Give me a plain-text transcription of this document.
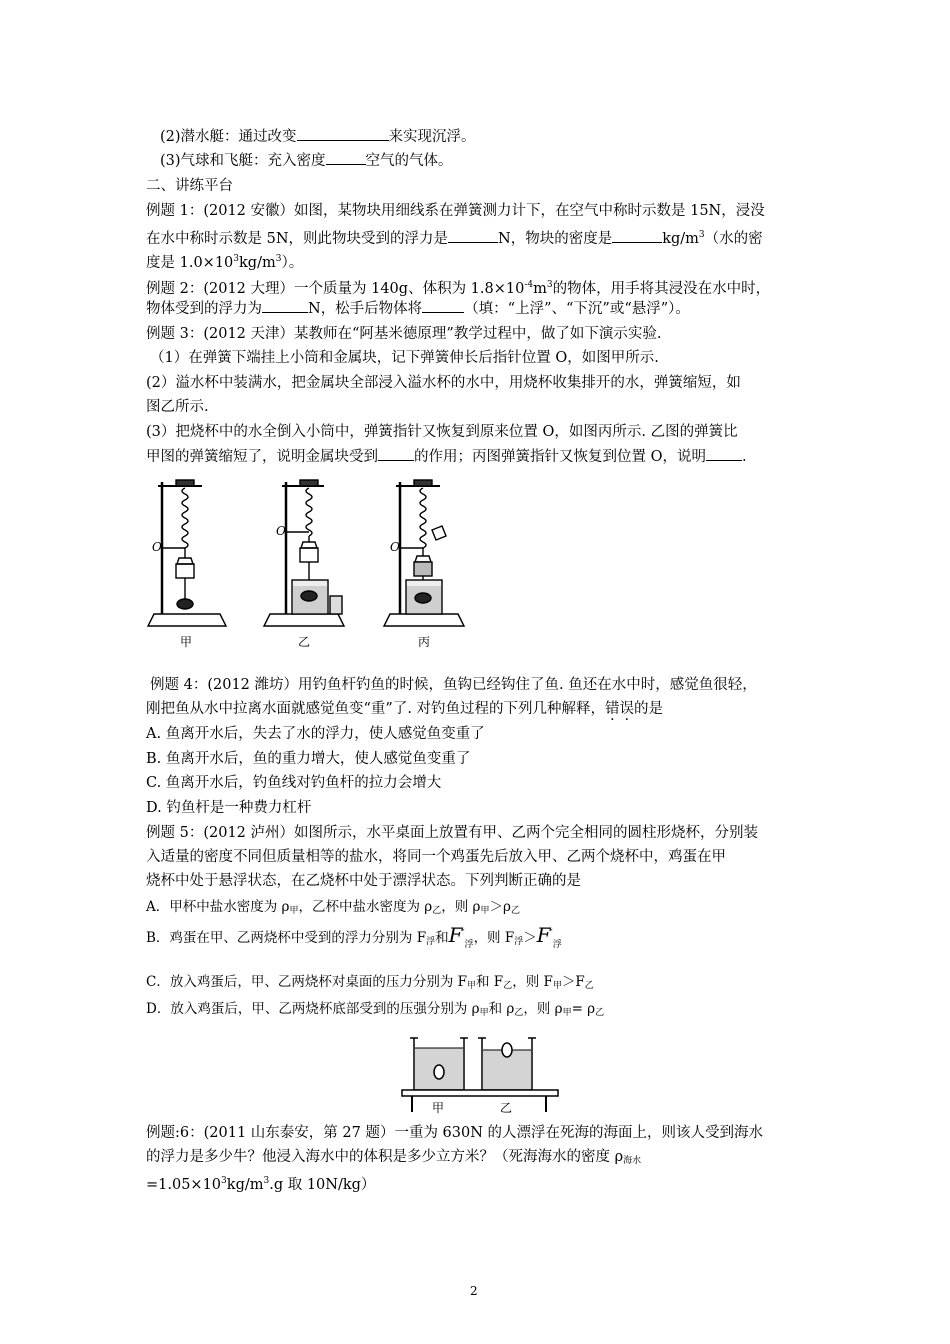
(2)潜水艇：通过改变	来实现沉浮。
(3)气球和飞艇：充入密度	空气的气体。
二、讲练平台
例题 1：(2012 安徽）如图，某物块用细线系在弹簧测力计下，在空气中称时示数是 15N，浸没
在水中称时示数是 5N，则此物块受到的浮力是	N，物块的密度是	$kg/m^3$（水的密
度是 $1.0\times 10^3kg/m^3$）。
例题 2：(2012 大理）一个质量为 140g、体积为 $1.8\times 10^{-4}m^3$的物体，用手将其浸没在水中时，
物体受到的浮力为	N，松手后物体将	（填：“上浮”、“下沉”或“悬浮”）。
例题 3：(2012 天津）某教师在“阿基米德原理”教学过程中，做了如下演示实验.
（1）在弹簧下端挂上小筒和金属块，记下弹簧伸长后指针位置 O，如图甲所示.
(2）溢水杯中装满水，把金属块全部浸入溢水杯的水中，用烧杯收集排开的水，弹簧缩短，如
图乙所示.
(3）把烧杯中的水全倒入小筒中，弹簧指针又恢复到原来位置 O，如图丙所示. 乙图的弹簧比
甲图的弹簧缩短了，说明金属块受到 的作用；丙图弹簧指针又恢复到位置 O，说明 .
O
O
O
甲	乙	丙
例题 4：(2012 潍坊）用钓鱼杆钓鱼的时候，鱼钩已经钩住了鱼. 鱼还在水中时，感觉鱼很轻，
刚把鱼从水中拉离水面就感觉鱼变“重”了. 对钓鱼过程的下列几种解释，错误的是
A. 鱼离开水后，失去了水的浮力，使人感觉鱼变重了
B. 鱼离开水后，鱼的重力增大，使人感觉鱼变重了
C. 鱼离开水后，钓鱼线对钓鱼杆的拉力会增大
D. 钓鱼杆是一种费力杠杆
例题 5：(2012 泸州）如图所示，水平桌面上放置有甲、乙两个完全相同的圆柱形烧杯，分别装
入适量的密度不同但质量相等的盐水，将同一个鸡蛋先后放入甲、乙两个烧杯中，鸡蛋在甲
烧杯中处于悬浮状态，在乙烧杯中处于漂浮状态。下列判断正确的是
A．甲杯中盐水密度为 $\rho_甲$，乙杯中盐水密度为 $\rho_乙$，则 $\rho_甲>\rho_乙$
B．鸡蛋在甲、乙两烧杯中受到的浮力分别为 $F_浮$和$F'_浮$，则 $F_浮>F'_浮$
C．放入鸡蛋后，甲、乙两烧杯对桌面的压力分别为 $F_甲$和 $F_乙$，则 $F_甲>F_乙$
D．放入鸡蛋后，甲、乙两烧杯底部受到的压强分别为 $\rho_甲$和 $\rho_乙$，则 $\rho_甲= \rho_乙$
甲	乙
例题:6：(2011 山东泰安，第 27 题）一重为 630N 的人漂浮在死海的海面上，则该人受到海水
的浮力是多少牛？他浸入海水中的体积是多少立方米？（死海海水的密度 $\rho_{海水}$
$=1.05\times 10^3kg/m^3.g$ 取 10N/kg）
2
